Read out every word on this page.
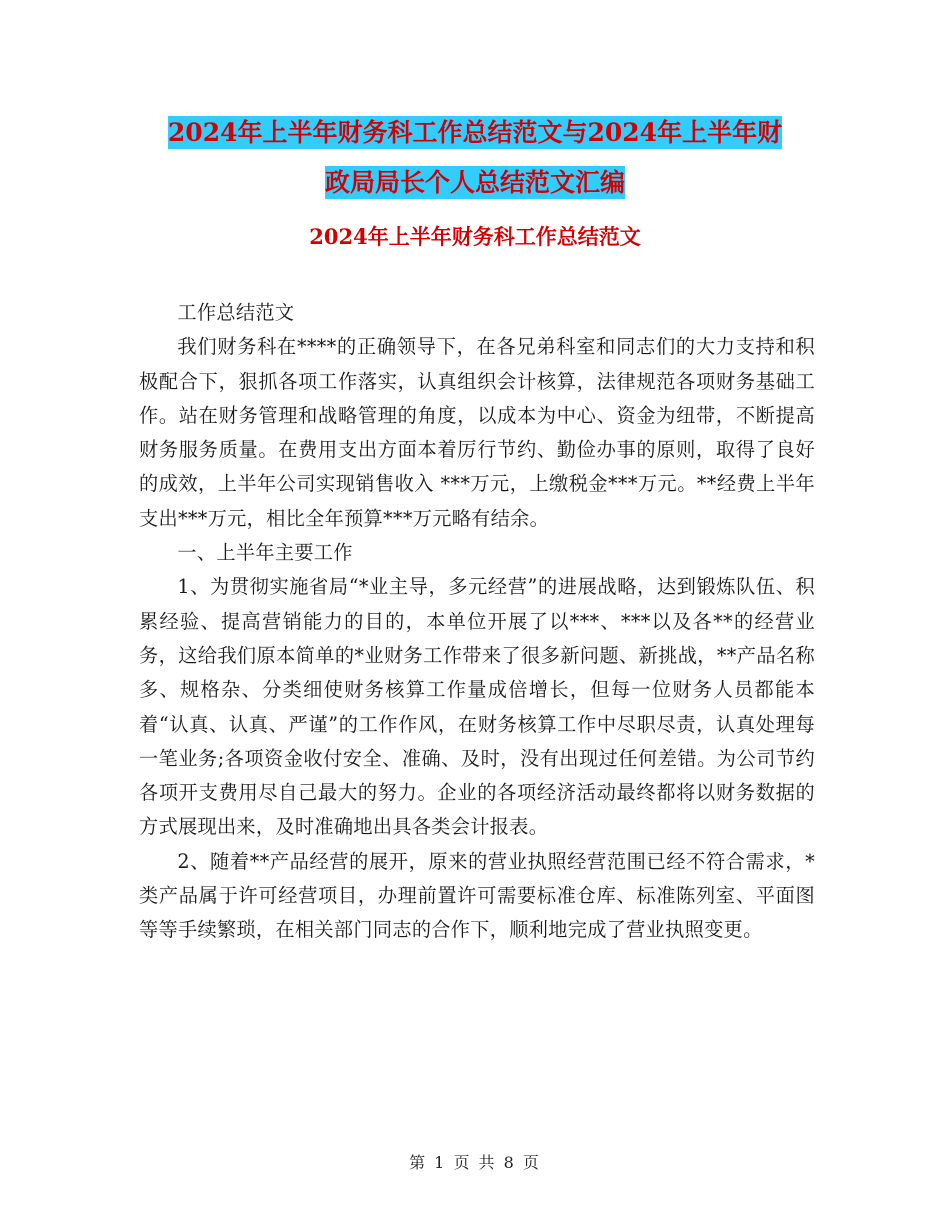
2024年上半年财务科工作总结范文与2024年上半年财
政局局长个人总结范文汇编
2024年上半年财务科工作总结范文

工作总结范文

我们财务科在****的正确领导下，在各兄弟科室和同志们的大力支持和积极配合下，狠抓各项工作落实，认真组织会计核算，法律规范各项财务基础工作。站在财务管理和战略管理的角度，以成本为中心、资金为纽带，不断提高财务服务质量。在费用支出方面本着厉行节约、勤俭办事的原则，取得了良好的成效，上半年公司实现销售收入 ***万元，上缴税金***万元。**经费上半年支出***万元，相比全年预算***万元略有结余。

一、上半年主要工作

1、为贯彻实施省局“*业主导，多元经营”的进展战略，达到锻炼队伍、积累经验、提高营销能力的目的，本单位开展了以***、***以及各**的经营业务，这给我们原本简单的*业财务工作带来了很多新问题、新挑战，**产品名称多、规格杂、分类细使财务核算工作量成倍增长，但每一位财务人员都能本着“认真、认真、严谨”的工作作风，在财务核算工作中尽职尽责，认真处理每一笔业务;各项资金收付安全、准确、及时，没有出现过任何差错。为公司节约各项开支费用尽自己最大的努力。企业的各项经济活动最终都将以财务数据的方式展现出来，及时准确地出具各类会计报表。

2、随着**产品经营的展开，原来的营业执照经营范围已经不符合需求，*类产品属于许可经营项目，办理前置许可需要标准仓库、标准陈列室、平面图等等手续繁琐，在相关部门同志的合作下，顺利地完成了营业执照变更。

第 1 页 共 8 页
